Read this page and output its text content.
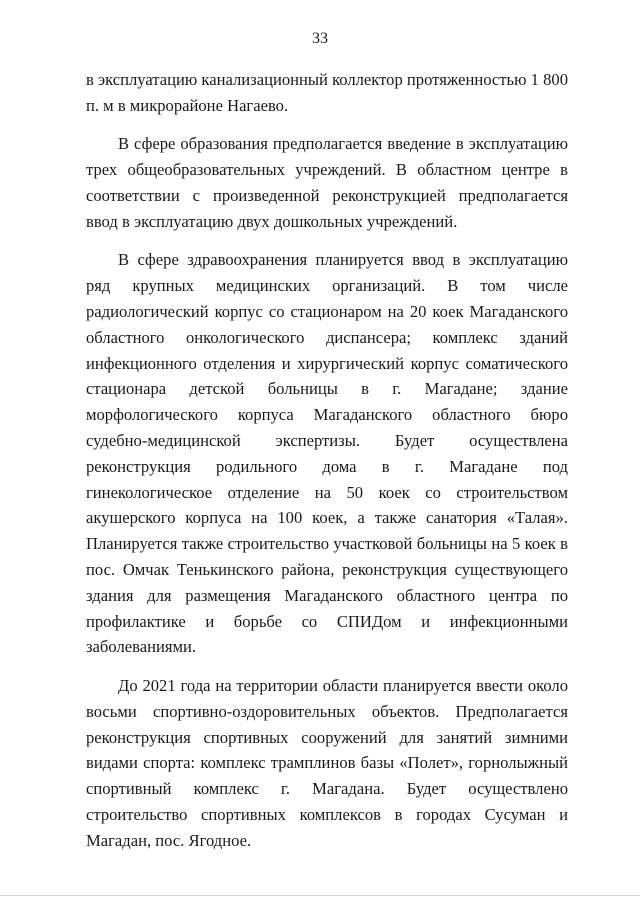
33

в эксплуатацию канализационный коллектор протяженностью 1 800 п. м в микрорайоне Нагаево.

В сфере образования предполагается введение в эксплуатацию трех общеобразовательных учреждений. В областном центре в соответствии с произведенной реконструкцией предполагается ввод в эксплуатацию двух дошкольных учреждений.

В сфере здравоохранения планируется ввод в эксплуатацию ряд крупных медицинских организаций. В том числе радиологический корпус со стационаром на 20 коек Магаданского областного онкологического диспансера; комплекс зданий инфекционного отделения и хирургический корпус соматического стационара детской больницы в г. Магадане; здание морфологического корпуса Магаданского областного бюро судебно-медицинской экспертизы. Будет осуществлена реконструкция родильного дома в г. Магадане под гинекологическое отделение на 50 коек со строительством акушерского корпуса на 100 коек, а также санатория «Талая». Планируется также строительство участковой больницы на 5 коек в пос. Омчак Тенькинского района, реконструкция существующего здания для размещения Магаданского областного центра по профилактике и борьбе со СПИДом и инфекционными заболеваниями.

До 2021 года на территории области планируется ввести около восьми спортивно-оздоровительных объектов. Предполагается реконструкция спортивных сооружений для занятий зимними видами спорта: комплекс трамплинов базы «Полет», горнолыжный спортивный комплекс г. Магадана. Будет осуществлено строительство спортивных комплексов в городах Сусуман и Магадан, пос. Ягодное.
